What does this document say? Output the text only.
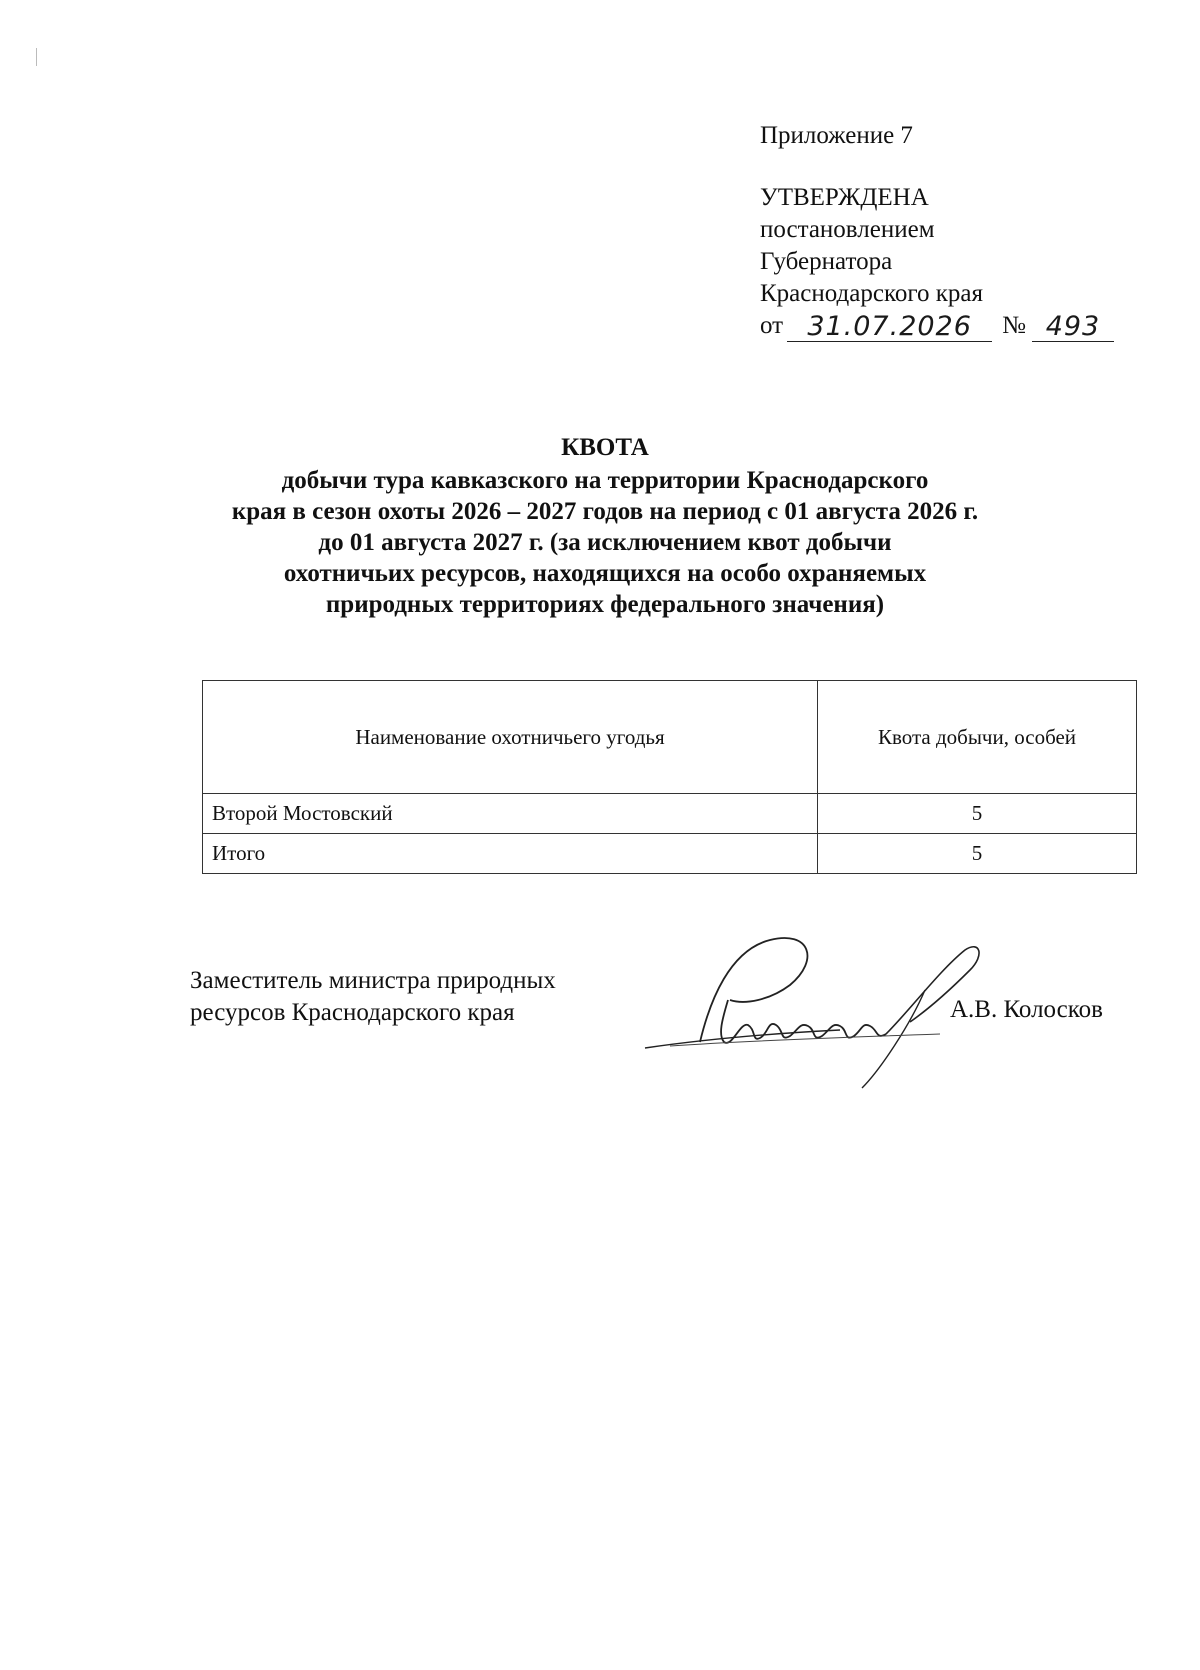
Приложение 7
УТВЕРЖДЕНА
постановлением
Губернатора
Краснодарского края
от 31.07.2026 № 493
КВОТА
добычи тура кавказского на территории Краснодарского
края в сезон охоты 2026 – 2027 годов на период с 01 августа 2026 г.
до 01 августа 2027 г. (за исключением квот добычи
охотничьих ресурсов, находящихся на особо охраняемых
природных территориях федерального значения)
Наименование охотничьего угодья	Квота добычи, особей
Второй Мостовский	5
Итого	5
Заместитель министра природных
ресурсов Краснодарского края	А.В. Колосков
